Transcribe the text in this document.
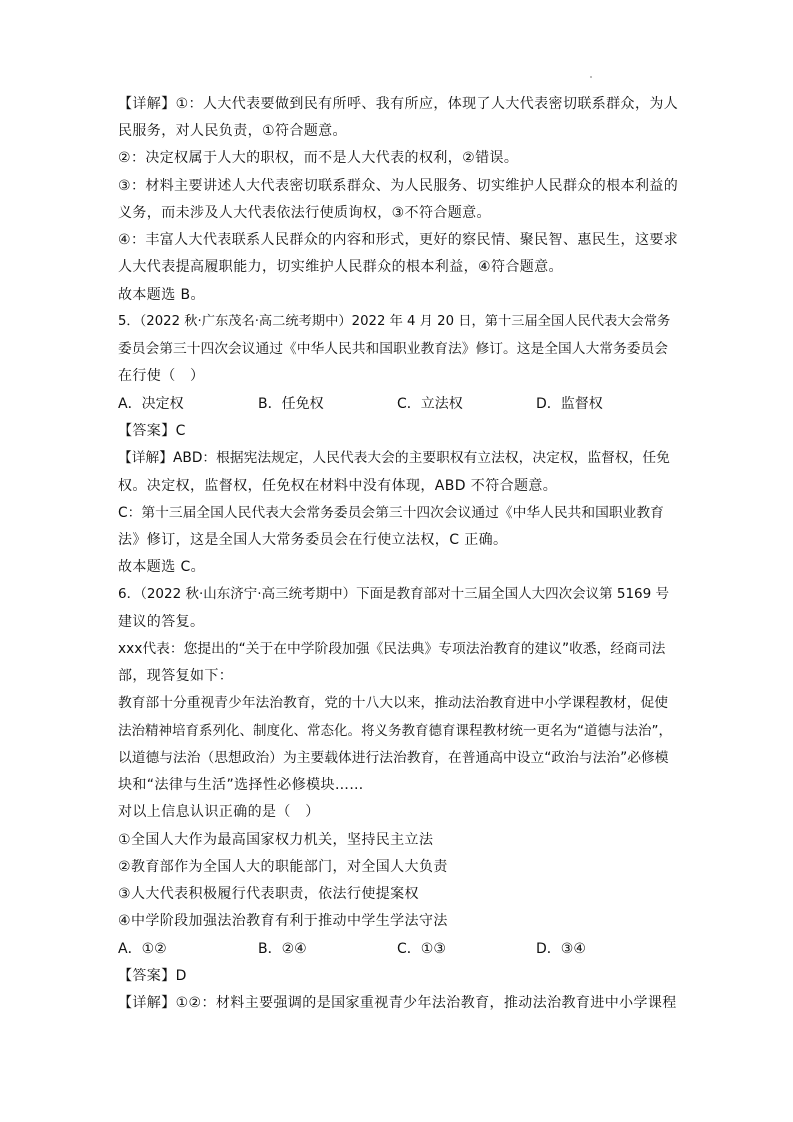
【详解】①：人大代表要做到民有所呼、我有所应，体现了人大代表密切联系群众，为人
民服务，对人民负责，①符合题意。
②：决定权属于人大的职权，而不是人大代表的权利，②错误。
③：材料主要讲述人大代表密切联系群众、为人民服务、切实维护人民群众的根本利益的
义务，而未涉及人大代表依法行使质询权，③不符合题意。
④：丰富人大代表联系人民群众的内容和形式，更好的察民情、聚民智、惠民生，这要求
人大代表提高履职能力，切实维护人民群众的根本利益，④符合题意。
故本题选 B。
5．（2022 秋·广东茂名·高二统考期中）2022 年 4 月 20 日，第十三届全国人民代表大会常务
委员会第三十四次会议通过《中华人民共和国职业教育法》修订。这是全国人大常务委员会
在行使（　）
A．决定权	B．任免权	C．立法权	D．监督权
【答案】C
【详解】ABD：根据宪法规定，人民代表大会的主要职权有立法权，决定权，监督权，任免
权。决定权，监督权，任免权在材料中没有体现，ABD 不符合题意。
C：第十三届全国人民代表大会常务委员会第三十四次会议通过《中华人民共和国职业教育
法》修订，这是全国人大常务委员会在行使立法权，C 正确。
故本题选 C。
6．（2022 秋·山东济宁·高三统考期中）下面是教育部对十三届全国人大四次会议第 5169 号
建议的答复。
xxx代表：您提出的“关于在中学阶段加强《民法典》专项法治教育的建议”收悉，经商司法
部，现答复如下：
教育部十分重视青少年法治教育，党的十八大以来，推动法治教育进中小学课程教材，促使
法治精神培育系列化、制度化、常态化。将义务教育德育课程教材统一更名为“道德与法治”，
以道德与法治（思想政治）为主要载体进行法治教育，在普通高中设立“政治与法治”必修模
块和“法律与生活”选择性必修模块……
对以上信息认识正确的是（　）
①全国人大作为最高国家权力机关，坚持民主立法
②教育部作为全国人大的职能部门，对全国人大负责
③人大代表积极履行代表职责，依法行使提案权
④中学阶段加强法治教育有利于推动中学生学法守法
A．①②	B．②④	C．①③	D．③④
【答案】D
【详解】①②：材料主要强调的是国家重视青少年法治教育，推动法治教育进中小学课程
